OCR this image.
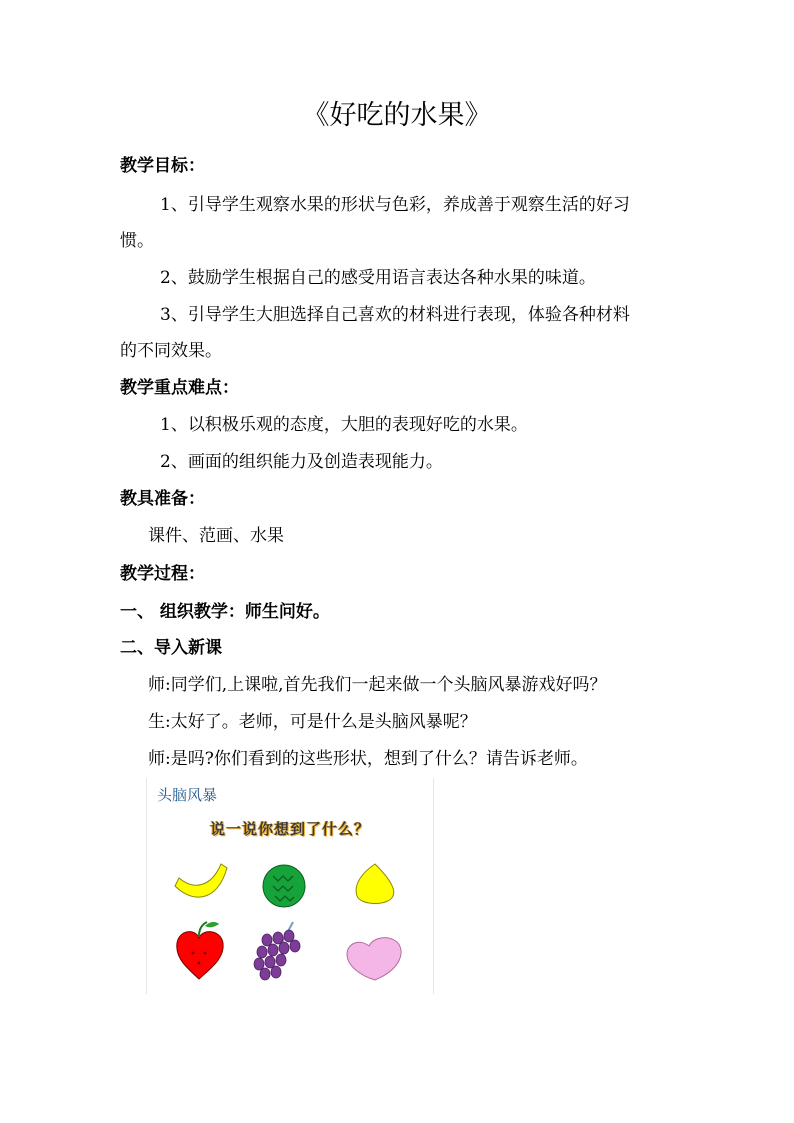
《好吃的水果》
教学目标：
1、引导学生观察水果的形状与色彩，养成善于观察生活的好习
惯。
2、鼓励学生根据自己的感受用语言表达各种水果的味道。
3、引导学生大胆选择自己喜欢的材料进行表现，体验各种材料
的不同效果。
教学重点难点：
1、以积极乐观的态度，大胆的表现好吃的水果。
2、画面的组织能力及创造表现能力。
教具准备：
课件、范画、水果
教学过程：
一、 组织教学：师生问好。
二、导入新课
师:同学们,上课啦,首先我们一起来做一个头脑风暴游戏好吗？
生:太好了。老师，可是什么是头脑风暴呢？
师:是吗?你们看到的这些形状，想到了什么？请告诉老师。
头脑风暴
说一说你想到了什么？
